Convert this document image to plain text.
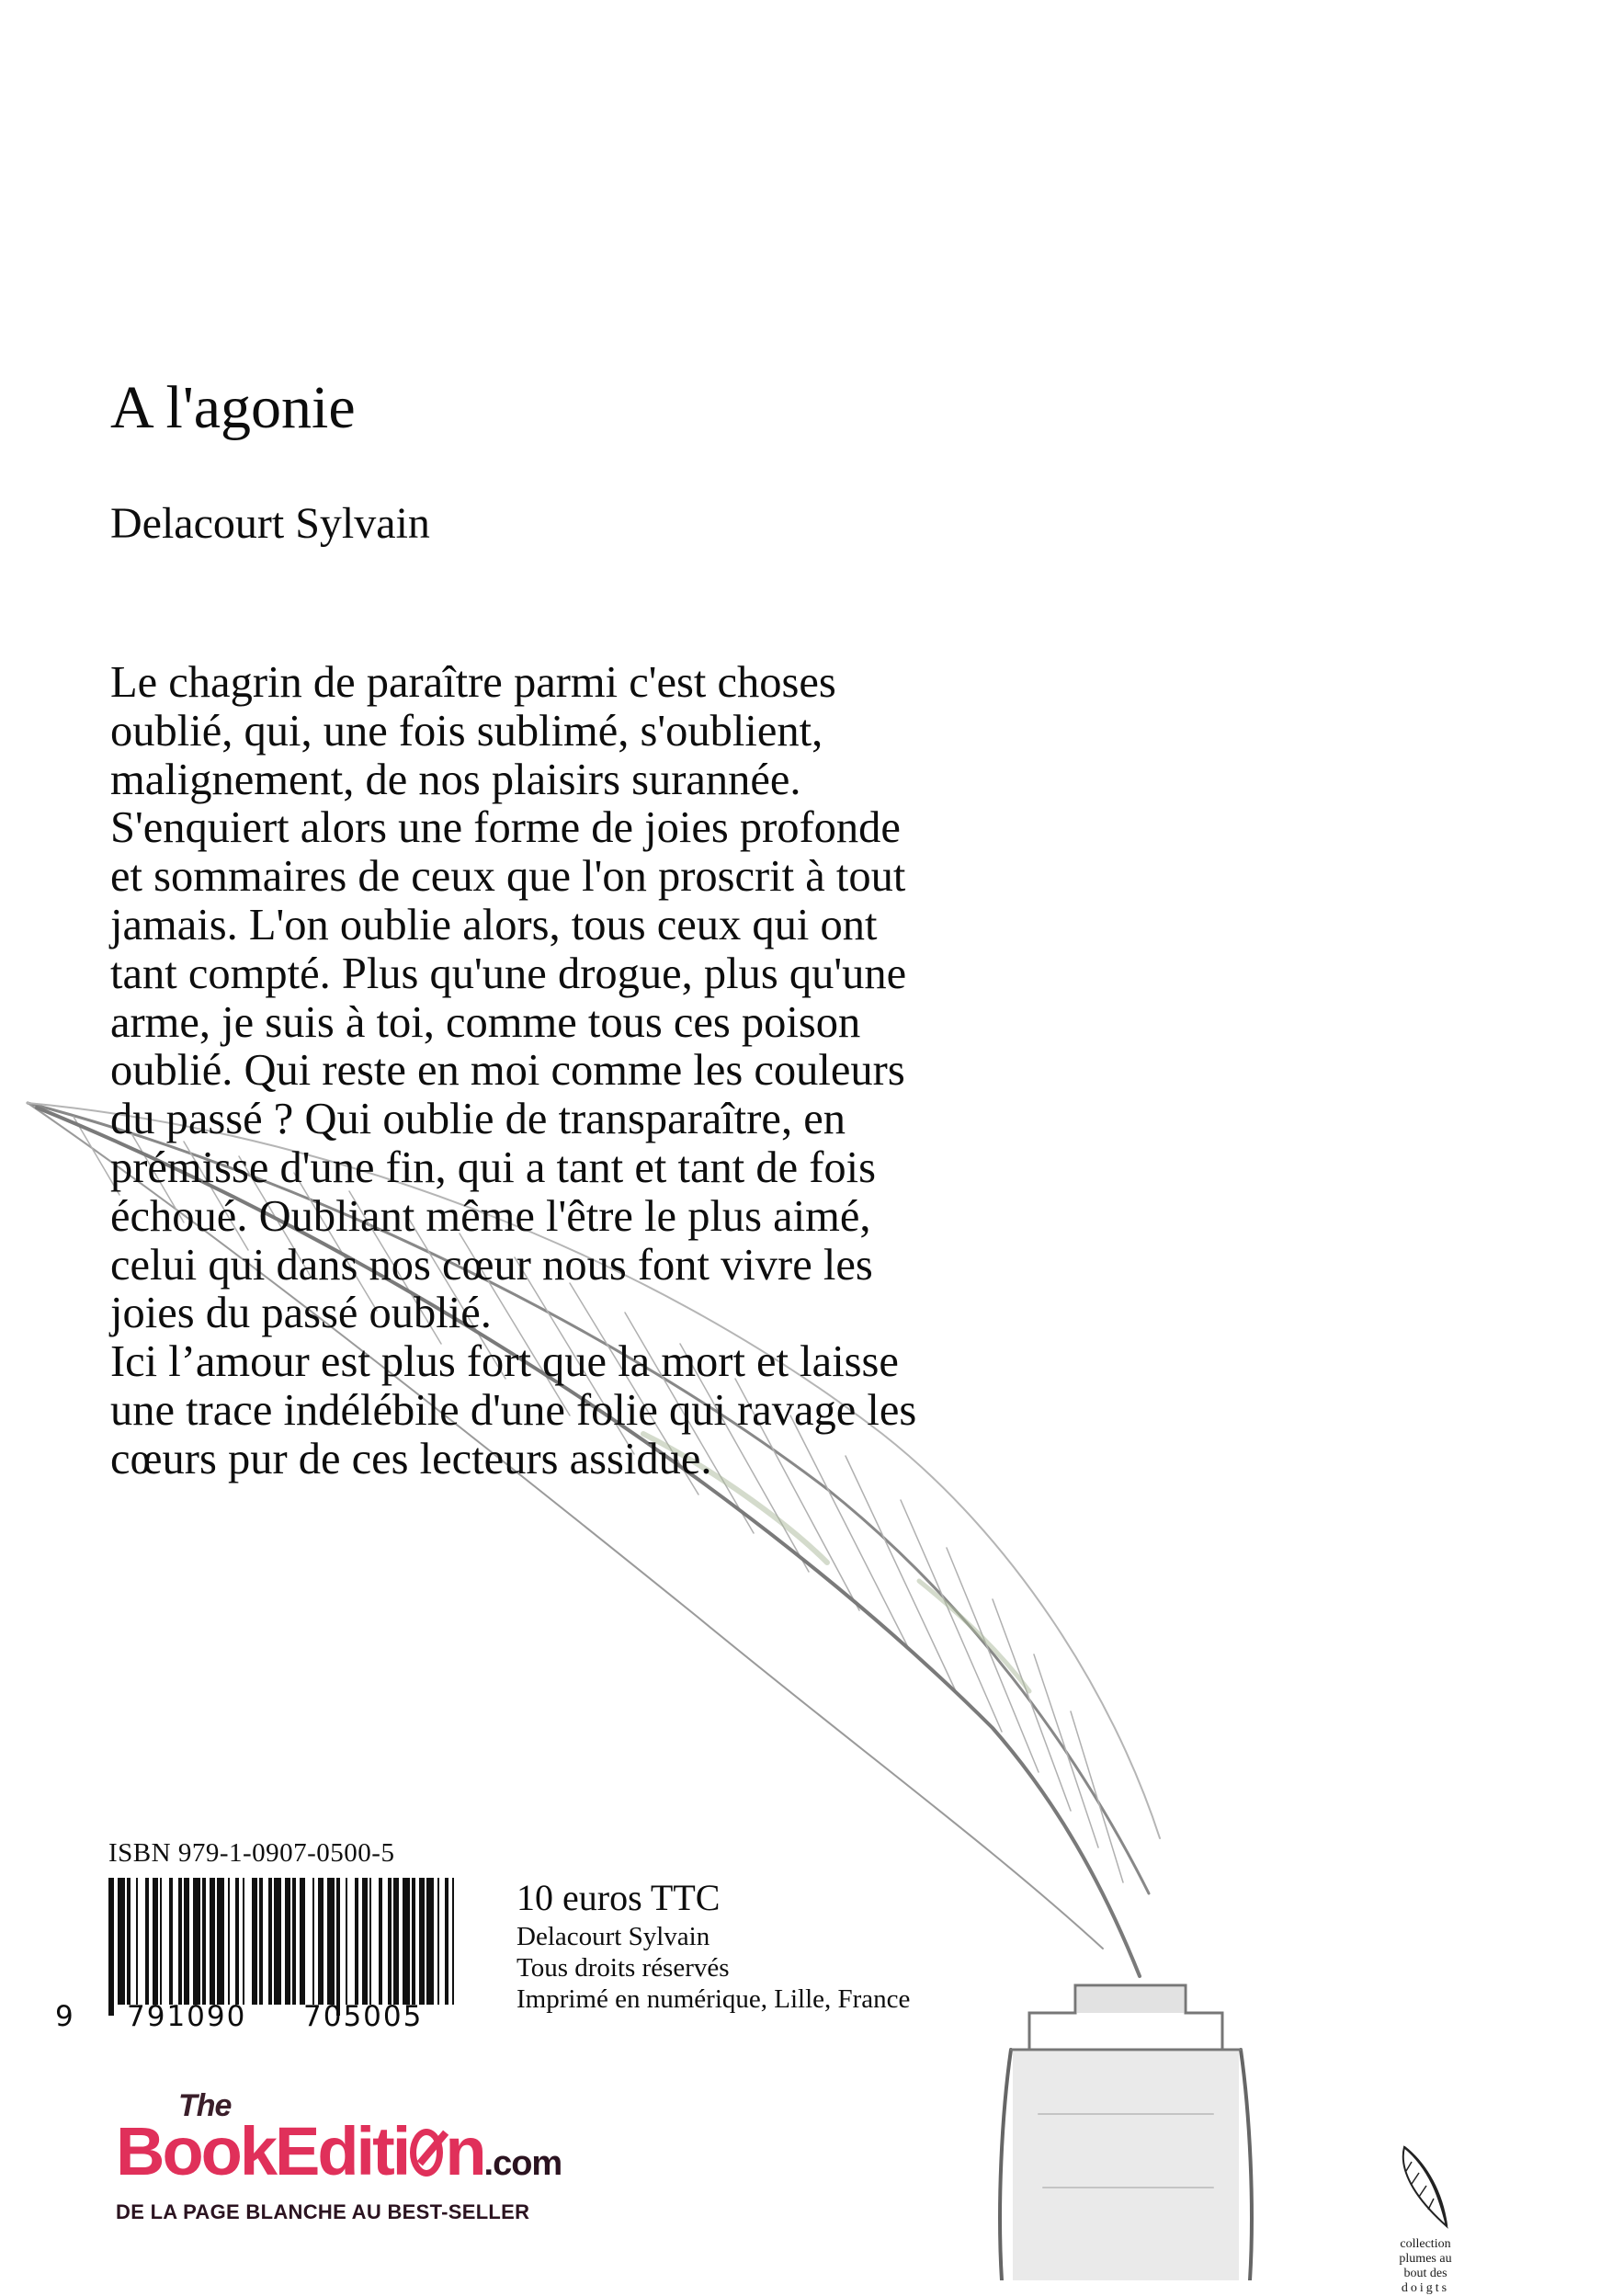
A l'agonie
Delacourt Sylvain

Le chagrin de paraître parmi c'est choses

oublié, qui, une fois sublimé, s'oublient,

malignement, de nos plaisirs surannée.

S'enquiert alors une forme de joies profonde

et sommaires de ceux que l'on proscrit à tout

jamais. L'on oublie alors, tous ceux qui ont

tant compté. Plus qu'une drogue, plus qu'une

arme, je suis à toi, comme tous ces poison

oublié. Qui reste en moi comme les couleurs

du passé ? Qui oublie de transparaître, en

prémisse d'une fin, qui a tant et tant de fois

échoué. Oubliant même l'être le plus aimé,

celui qui dans nos cœur nous font vivre les

joies du passé oublié.

Ici l’amour est plus fort que la mort et laisse

une trace indélébile d'une folie qui ravage les

cœurs pur de ces lecteurs assidue.

ISBN 979-1-0907-0500-5
9 791090 705005
10 euros TTC
Delacourt Sylvain
Tous droits réservés
Imprimé en numérique, Lille, France
The
BookEditi n.com
DE LA PAGE BLANCHE AU BEST-SELLER
collection
plumes au
bout des
doigts
